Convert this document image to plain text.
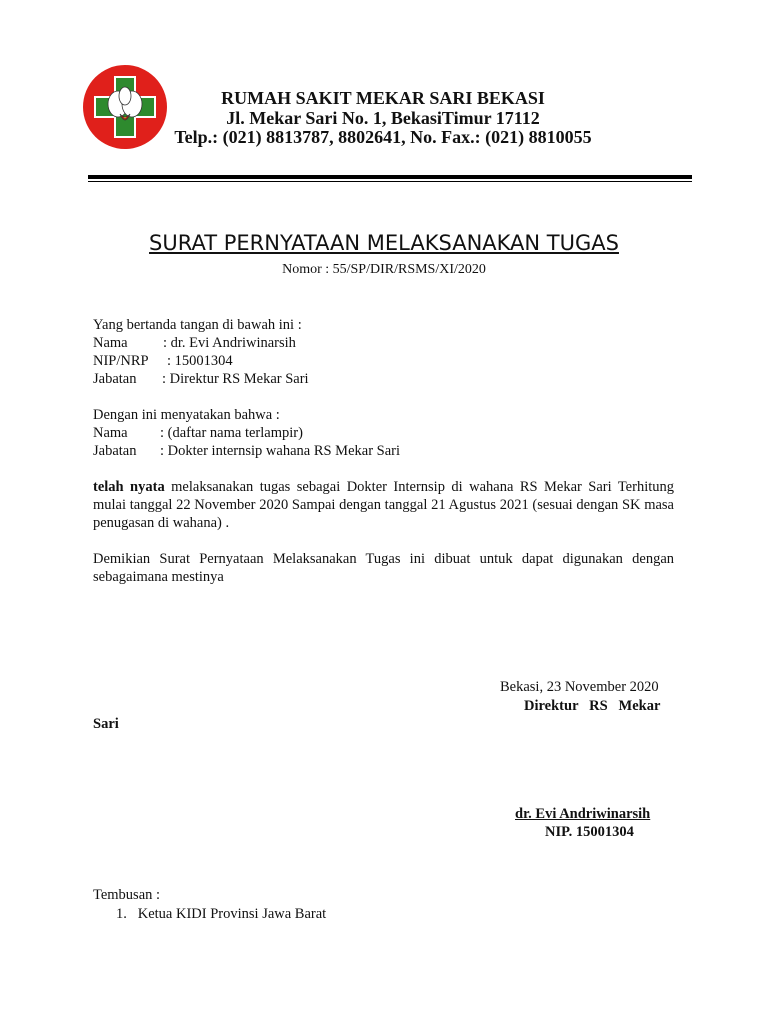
RUMAH SAKIT MEKAR SARI BEKASI
Jl. Mekar Sari No. 1, BekasiTimur 17112
Telp.: (021) 8813787, 8802641, No. Fax.: (021) 8810055
SURAT PERNYATAAN MELAKSANAKAN TUGAS
Nomor : 55/SP/DIR/RSMS/XI/2020
Yang bertanda tangan di bawah ini :
Nama : dr. Evi Andriwinarsih
NIP/NRP : 15001304
Jabatan : Direktur RS Mekar Sari
Dengan ini menyatakan bahwa :
Nama : (daftar nama terlampir)
Jabatan : Dokter internsip wahana RS Mekar Sari
telah nyata melaksanakan tugas sebagai Dokter Internsip di wahana RS Mekar Sari Terhitung mulai tanggal 22 November 2020 Sampai dengan tanggal 21 Agustus 2021 (sesuai dengan SK masa penugasan di wahana) .
Demikian Surat Pernyataan Melaksanakan Tugas ini dibuat untuk dapat digunakan dengan sebagaimana mestinya
Bekasi, 23 November 2020
Direktur   RS   Mekar
Sari
dr. Evi Andriwinarsih
NIP. 15001304
Tembusan :
1.   Ketua KIDI Provinsi Jawa Barat
